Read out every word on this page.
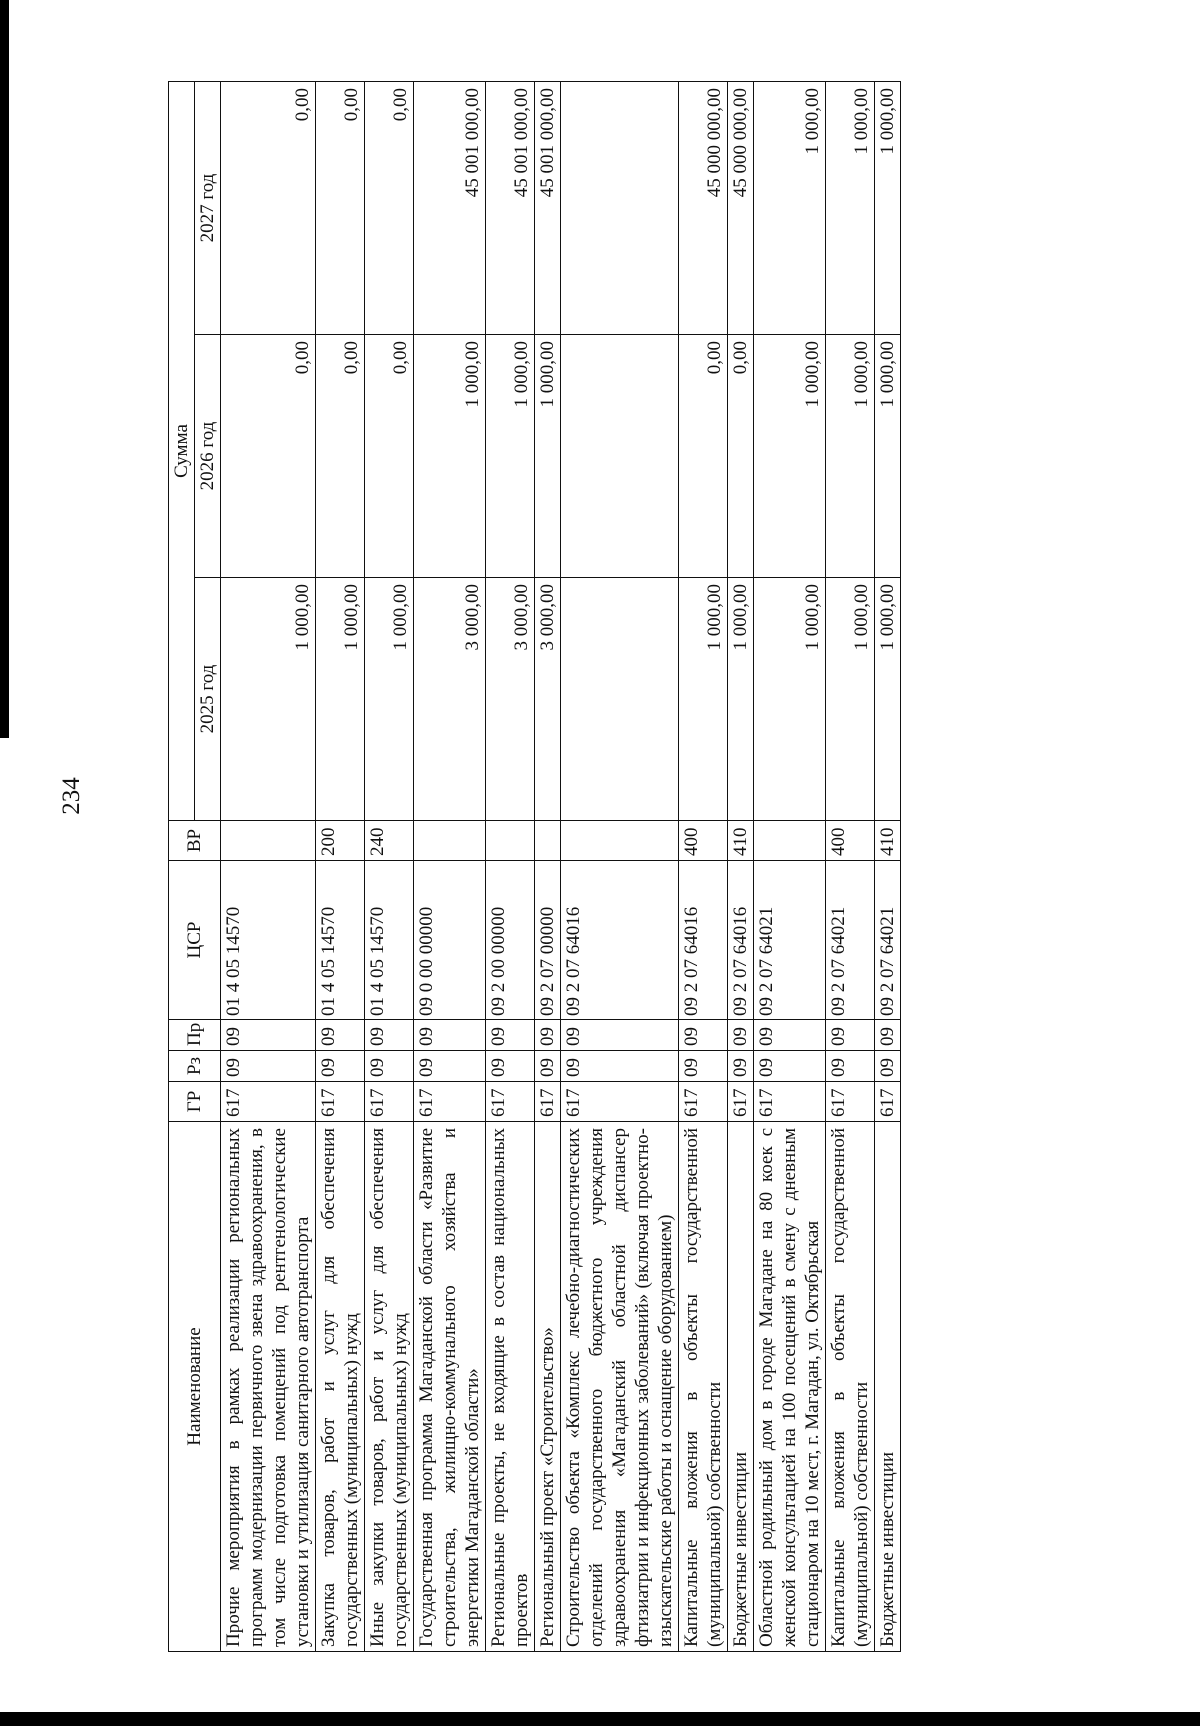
234
Наименование	ГР	Рз	Пр	ЦСР	ВР	Сумма		
						2025 год	2026 год	2027 год
Прочие мероприятия в рамках реализации региональных программ модернизации первичного звена здравоохранения, в том числе подготовка помещений под рентгенологические установки и утилизация санитарного автотранспорта	617	09	09	01 4 05 14570		1 000,00	0,00	0,00
Закупка товаров, работ и услуг для обеспечения государственных (муниципальных) нужд	617	09	09	01 4 05 14570	200	1 000,00	0,00	0,00
Иные закупки товаров, работ и услуг для обеспечения государственных (муниципальных) нужд	617	09	09	01 4 05 14570	240	1 000,00	0,00	0,00
Государственная программа Магаданской области «Развитие строительства, жилищно-коммунального хозяйства и энергетики Магаданской области»	617	09	09	09 0 00 00000		3 000,00	1 000,00	45 001 000,00
Региональные проекты, не входящие в состав национальных проектов	617	09	09	09 2 00 00000		3 000,00	1 000,00	45 001 000,00
Региональный проект «Строительство»	617	09	09	09 2 07 00000		3 000,00	1 000,00	45 001 000,00
Строительство объекта «Комплекс лечебно-диагностических отделений государственного бюджетного учреждения здравоохранения «Магаданский областной диспансер фтизиатрии и инфекционных заболеваний» (включая проектно-изыскательские работы и оснащение оборудованием)	617	09	09	09 2 07 64016				
Капитальные вложения в объекты государственной (муниципальной) собственности	617	09	09	09 2 07 64016	400	1 000,00	0,00	45 000 000,00
Бюджетные инвестиции	617	09	09	09 2 07 64016	410	1 000,00	0,00	45 000 000,00
Областной родильный дом в городе Магадане на 80 коек с женской консультацией на 100 посещений в смену с дневным стационаром на 10 мест, г. Магадан, ул. Октябрьская	617	09	09	09 2 07 64021		1 000,00	1 000,00	1 000,00
Капитальные вложения в объекты государственной (муниципальной) собственности	617	09	09	09 2 07 64021	400	1 000,00	1 000,00	1 000,00
Бюджетные инвестиции	617	09	09	09 2 07 64021	410	1 000,00	1 000,00	1 000,00
